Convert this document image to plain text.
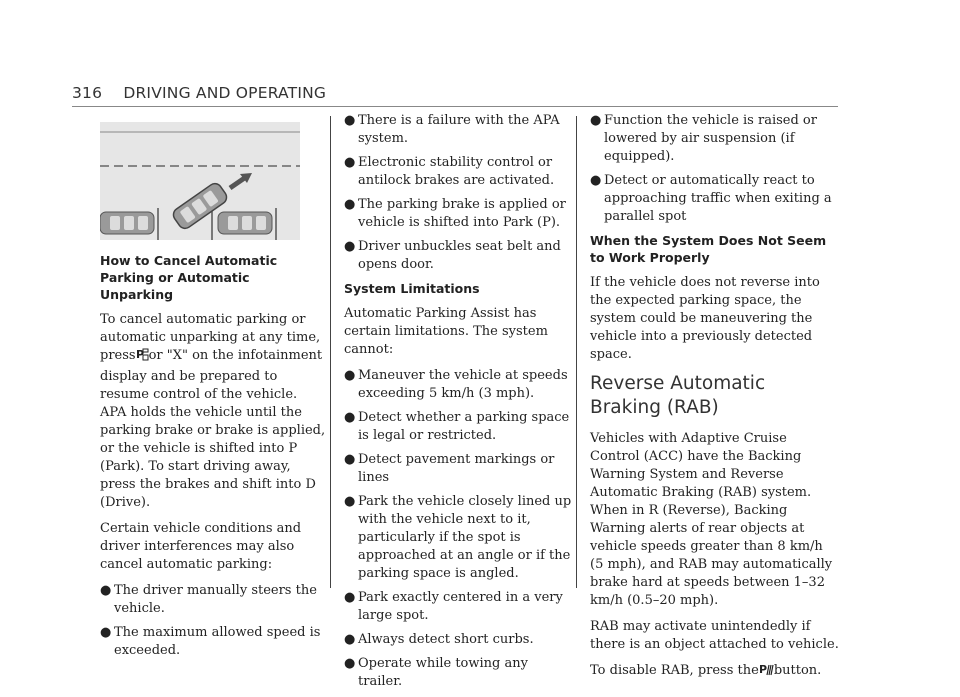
316 DRIVING AND OPERATING
How to Cancel Automatic Parking or Automatic Unparking

To cancel automatic parking or automatic unparking at any time, press P or "X" on the infotainment display and be prepared to resume control of the vehicle. APA holds the vehicle until the parking brake or brake is applied, or the vehicle is shifted into P (Park). To start driving away, press the brakes and shift into D (Drive).

Certain vehicle conditions and driver interferences may also cancel automatic parking:

● The driver manually steers the vehicle.
● The maximum allowed speed is exceeded.
● There is a failure with the APA system.
● Electronic stability control or antilock brakes are activated.
● The parking brake is applied or vehicle is shifted into Park (P).
● Driver unbuckles seat belt and opens door.
System Limitations

Automatic Parking Assist has certain limitations. The system cannot:

● Maneuver the vehicle at speeds exceeding 5 km/h (3 mph).
● Detect whether a parking space is legal or restricted.
● Detect pavement markings or lines
● Park the vehicle closely lined up with the vehicle next to it, particularly if the spot is approached at an angle or if the parking space is angled.
● Park exactly centered in a very large spot.
● Always detect short curbs.
● Operate while towing any trailer.
● Function the vehicle is raised or lowered by air suspension (if equipped).
● Detect or automatically react to approaching traffic when exiting a parallel spot
When the System Does Not Seem to Work Properly

If the vehicle does not reverse into the expected parking space, the system could be maneuvering the vehicle into a previously detected space.

Reverse Automatic Braking (RAB)

Vehicles with Adaptive Cruise Control (ACC) have the Backing Warning System and Reverse Automatic Braking (RAB) system. When in R (Reverse), Backing Warning alerts of rear objects at vehicle speeds greater than 8 km/h (5 mph), and RAB may automatically brake hard at speeds between 1–32 km/h (0.5–20 mph).

RAB may activate unintendedly if there is an object attached to vehicle.

To disable RAB, press the P button.
